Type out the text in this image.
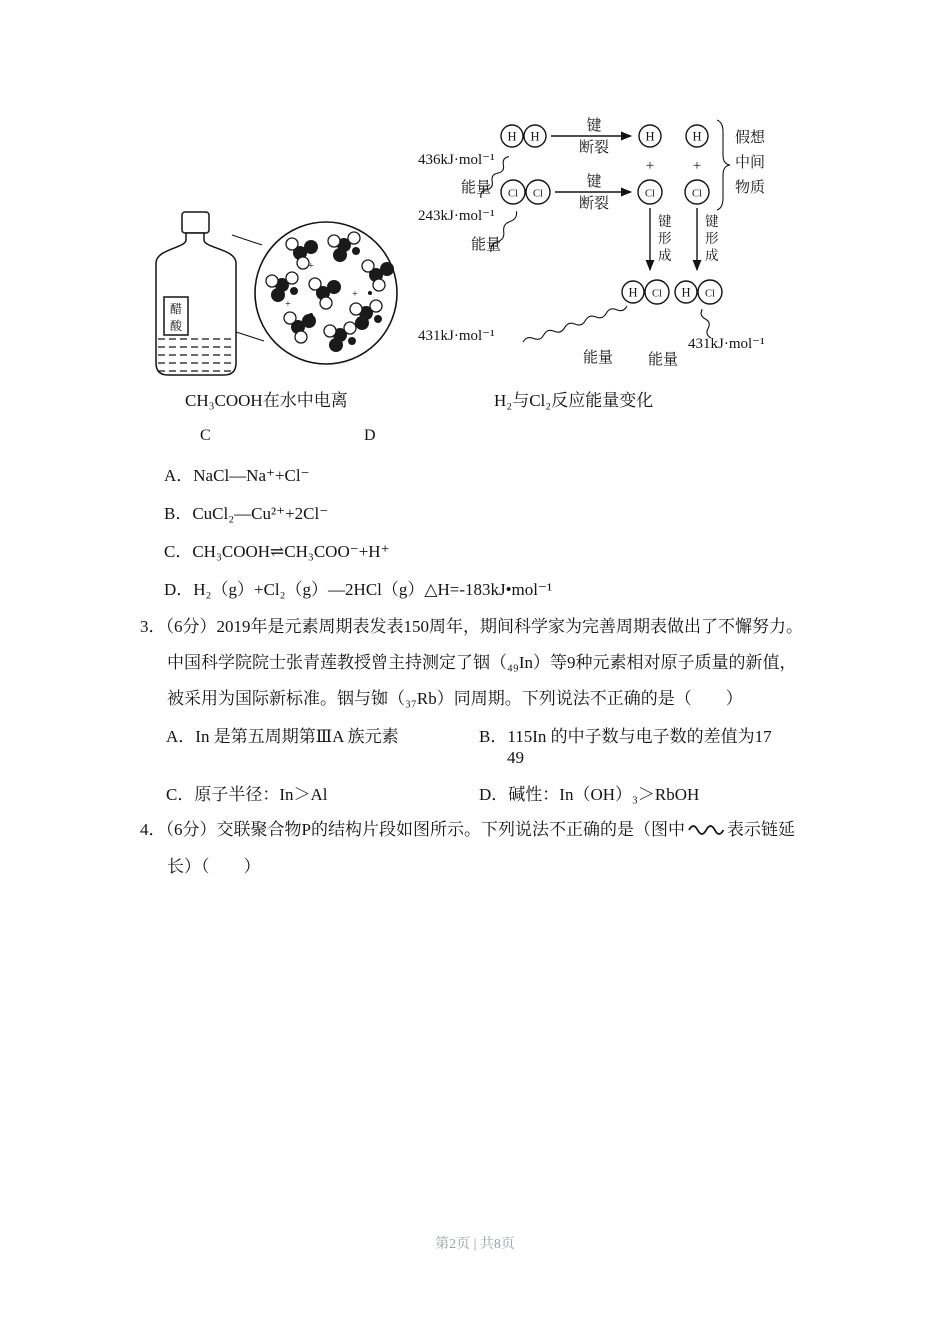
H H
Cl Cl
键
断裂
键
断裂
H	H
+	+
Cl	Cl
假想
中间
物质
键
形
成
键
形
成
H Cl H Cl
436kJ·mol⁻¹
能量
243kJ·mol⁻¹
能量
431kJ·mol⁻¹
能量
431kJ·mol⁻¹
能量
醋
酸
+
+
+
CH₃COOH在水中电离	H₂与Cl₂反应能量变化
C	D
A．NaCl—Na⁺+Cl⁻
B．CuCl₂—Cu²⁺+2Cl⁻
C．CH₃COOH⇌CH₃COO⁻+H⁺
D．H₂（g）+Cl₂（g）—2HCl（g）△H=-183kJ•mol⁻¹
3．（6分）2019年是元素周期表发表150周年，期间科学家为完善周期表做出了不懈努力。
中国科学院院士张青莲教授曾主持测定了铟（₄₉In）等9种元素相对原子质量的新值，
被采用为国际新标准。铟与铷（₃₇Rb）同周期。下列说法不正确的是（　　）
A．In 是第五周期第ⅢA 族元素	B．115In 的中子数与电子数的差值为17
49
C．原子半径：In＞Al	D．碱性：In（OH）₃＞RbOH
4．（6分）交联聚合物P的结构片段如图所示。下列说法不正确的是（图中 表示链延
长）（　　）
第2页 | 共8页
